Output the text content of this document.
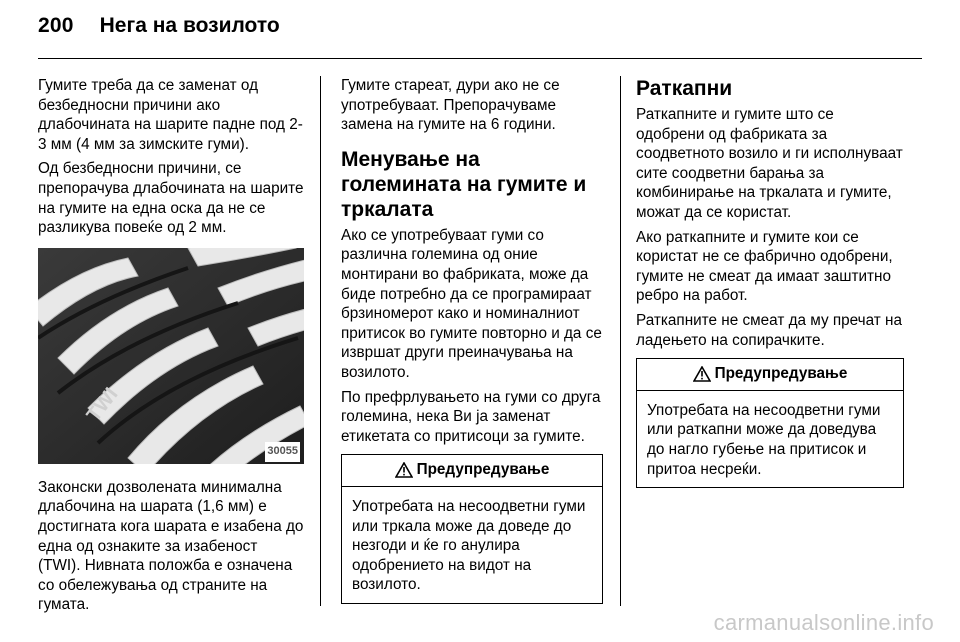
200 Нега на возилото

Гумите треба да се заменат од безбедносни причини ако длабочината на шарите падне под 2-3 мм (4 мм за зимските гуми).

Од безбедносни причини, се препорачува длабочината на шарите на гумите на една оска да не се разликува повеќе од 2 мм.

TWI
30055

Законски дозволената минимална длабочина на шарата (1,6 мм) е достигната кога шарата е изабена до една од ознаките за изабеност (TWI). Нивната положба е означена со обележувања од страните на гумата.

Гумите стареат, дури ако не се употребуваат. Препорачуваме замена на гумите на 6 години.

Менување на големината на гумите и тркалата

Ако се употребуваат гуми со различна големина од оние монтирани во фабриката, може да биде потребно да се програмираат брзиномерот како и номиналниот притисок во гумите повторно и да се извршат други преиначувања на возилото.

По префрлувањето на гуми со друга големина, нека Ви ја заменат етикетата со притисоци за гумите.

Предупредување

Употребата на несоодветни гуми или тркала може да доведе до незгоди и ќе го анулира одобрението на видот на возилото.

Раткапни

Раткапните и гумите што се одобрени од фабриката за соодветното возило и ги исполнуваат сите соодветни барања за комбинирање на тркалата и гумите, можат да се користат.

Ако раткапните и гумите кои се користат не се фабрично одобрени, гумите не смеат да имаат заштитно ребро на работ.

Раткапните не смеат да му пречат на ладењето на сопирачките.

Предупредување

Употребата на несоодветни гуми или раткапни може да доведува до нагло губење на притисок и притоа несреќи.

carmanualsonline.info
